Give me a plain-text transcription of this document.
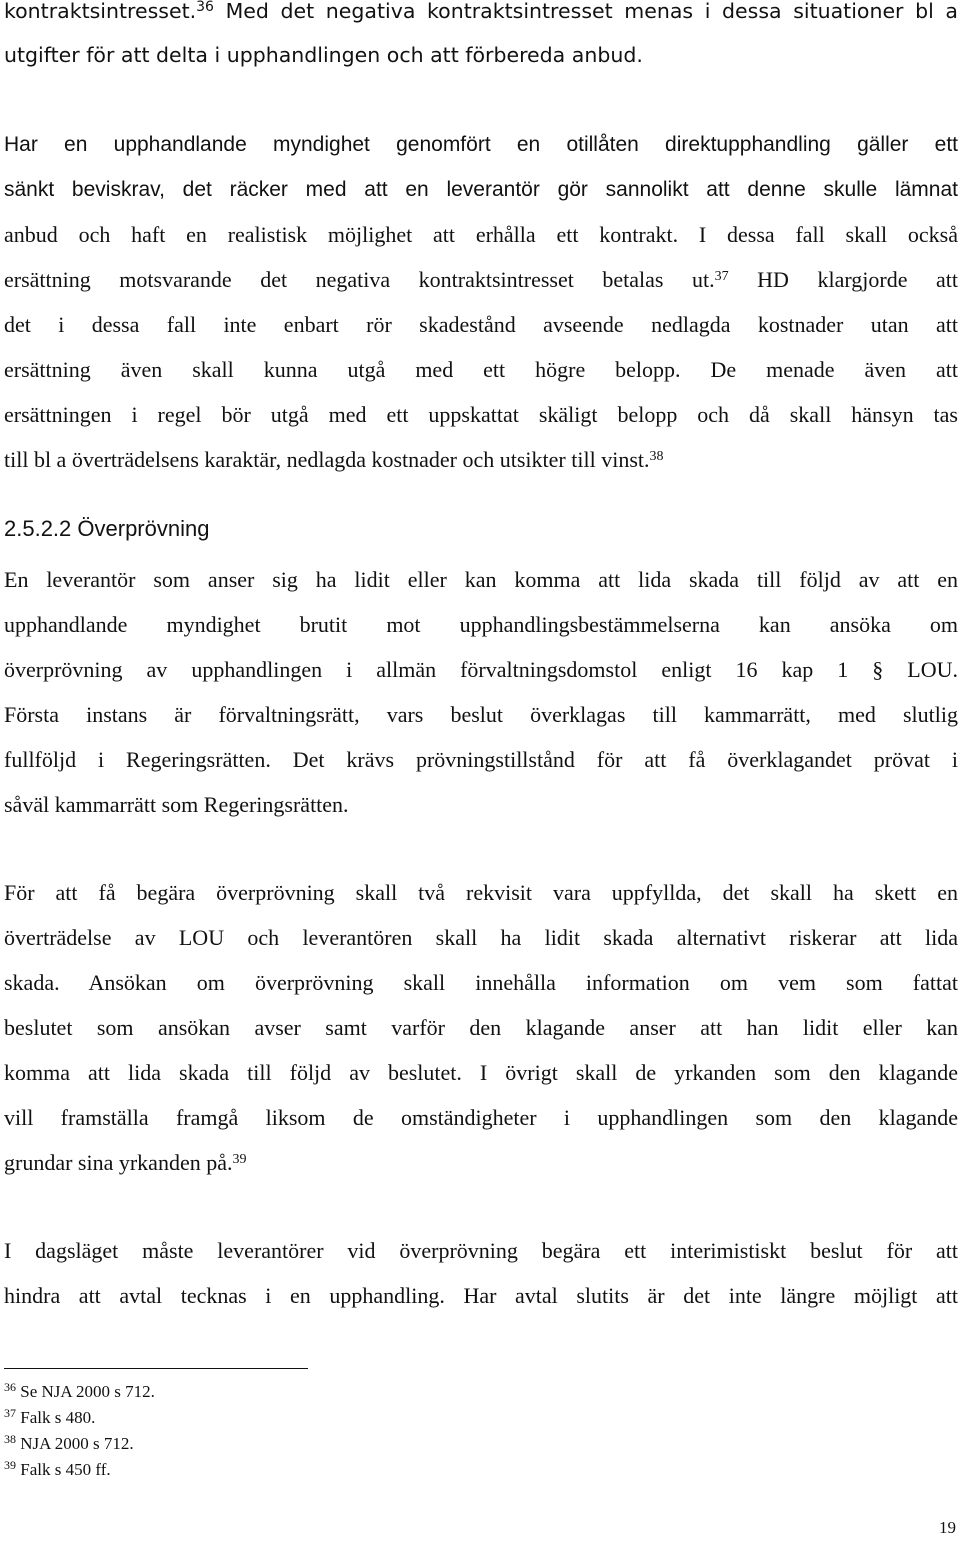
kontraktsintresset.$^{36}$ Med det negativa kontraktsintresset menas i dessa situationer bl a

utgifter för att delta i upphandlingen och att förbereda anbud.

Har en upphandlande myndighet genomfört en otillåten direktupphandling gäller ett

sänkt beviskrav, det räcker med att en leverantör gör sannolikt att denne skulle lämnat

anbud och haft en realistisk möjlighet att erhålla ett kontrakt. I dessa fall skall också

ersättning motsvarande det negativa kontraktsintresset betalas ut.$^{37}$ HD klargjorde att

det i dessa fall inte enbart rör skadestånd avseende nedlagda kostnader utan att

ersättning även skall kunna utgå med ett högre belopp. De menade även att

ersättningen i regel bör utgå med ett uppskattat skäligt belopp och då skall hänsyn tas

till bl a överträdelsens karaktär, nedlagda kostnader och utsikter till vinst.$^{38}$

En leverantör som anser sig ha lidit eller kan komma att lida skada till följd av att en

upphandlande myndighet brutit mot upphandlingsbestämmelserna kan ansöka om

överprövning av upphandlingen i allmän förvaltningsdomstol enligt 16 kap 1 § LOU.

Första instans är förvaltningsrätt, vars beslut överklagas till kammarrätt, med slutlig

fullföljd i Regeringsrätten. Det krävs prövningstillstånd för att få överklagandet prövat i

såväl kammarrätt som Regeringsrätten.

För att få begära överprövning skall två rekvisit vara uppfyllda, det skall ha skett en

överträdelse av LOU och leverantören skall ha lidit skada alternativt riskerar att lida

skada. Ansökan om överprövning skall innehålla information om vem som fattat

beslutet som ansökan avser samt varför den klagande anser att han lidit eller kan

komma att lida skada till följd av beslutet. I övrigt skall de yrkanden som den klagande

vill framställa framgå liksom de omständigheter i upphandlingen som den klagande

grundar sina yrkanden på.$^{39}$

I dagsläget måste leverantörer vid överprövning begära ett interimistiskt beslut för att

hindra att avtal tecknas i en upphandling. Har avtal slutits är det inte längre möjligt att

2.5.2.2 Överprövning

$^{36}$ Se NJA 2000 s 712.

$^{37}$ Falk s 480.

$^{38}$ NJA 2000 s 712.

$^{39}$ Falk s 450 ff.

19
